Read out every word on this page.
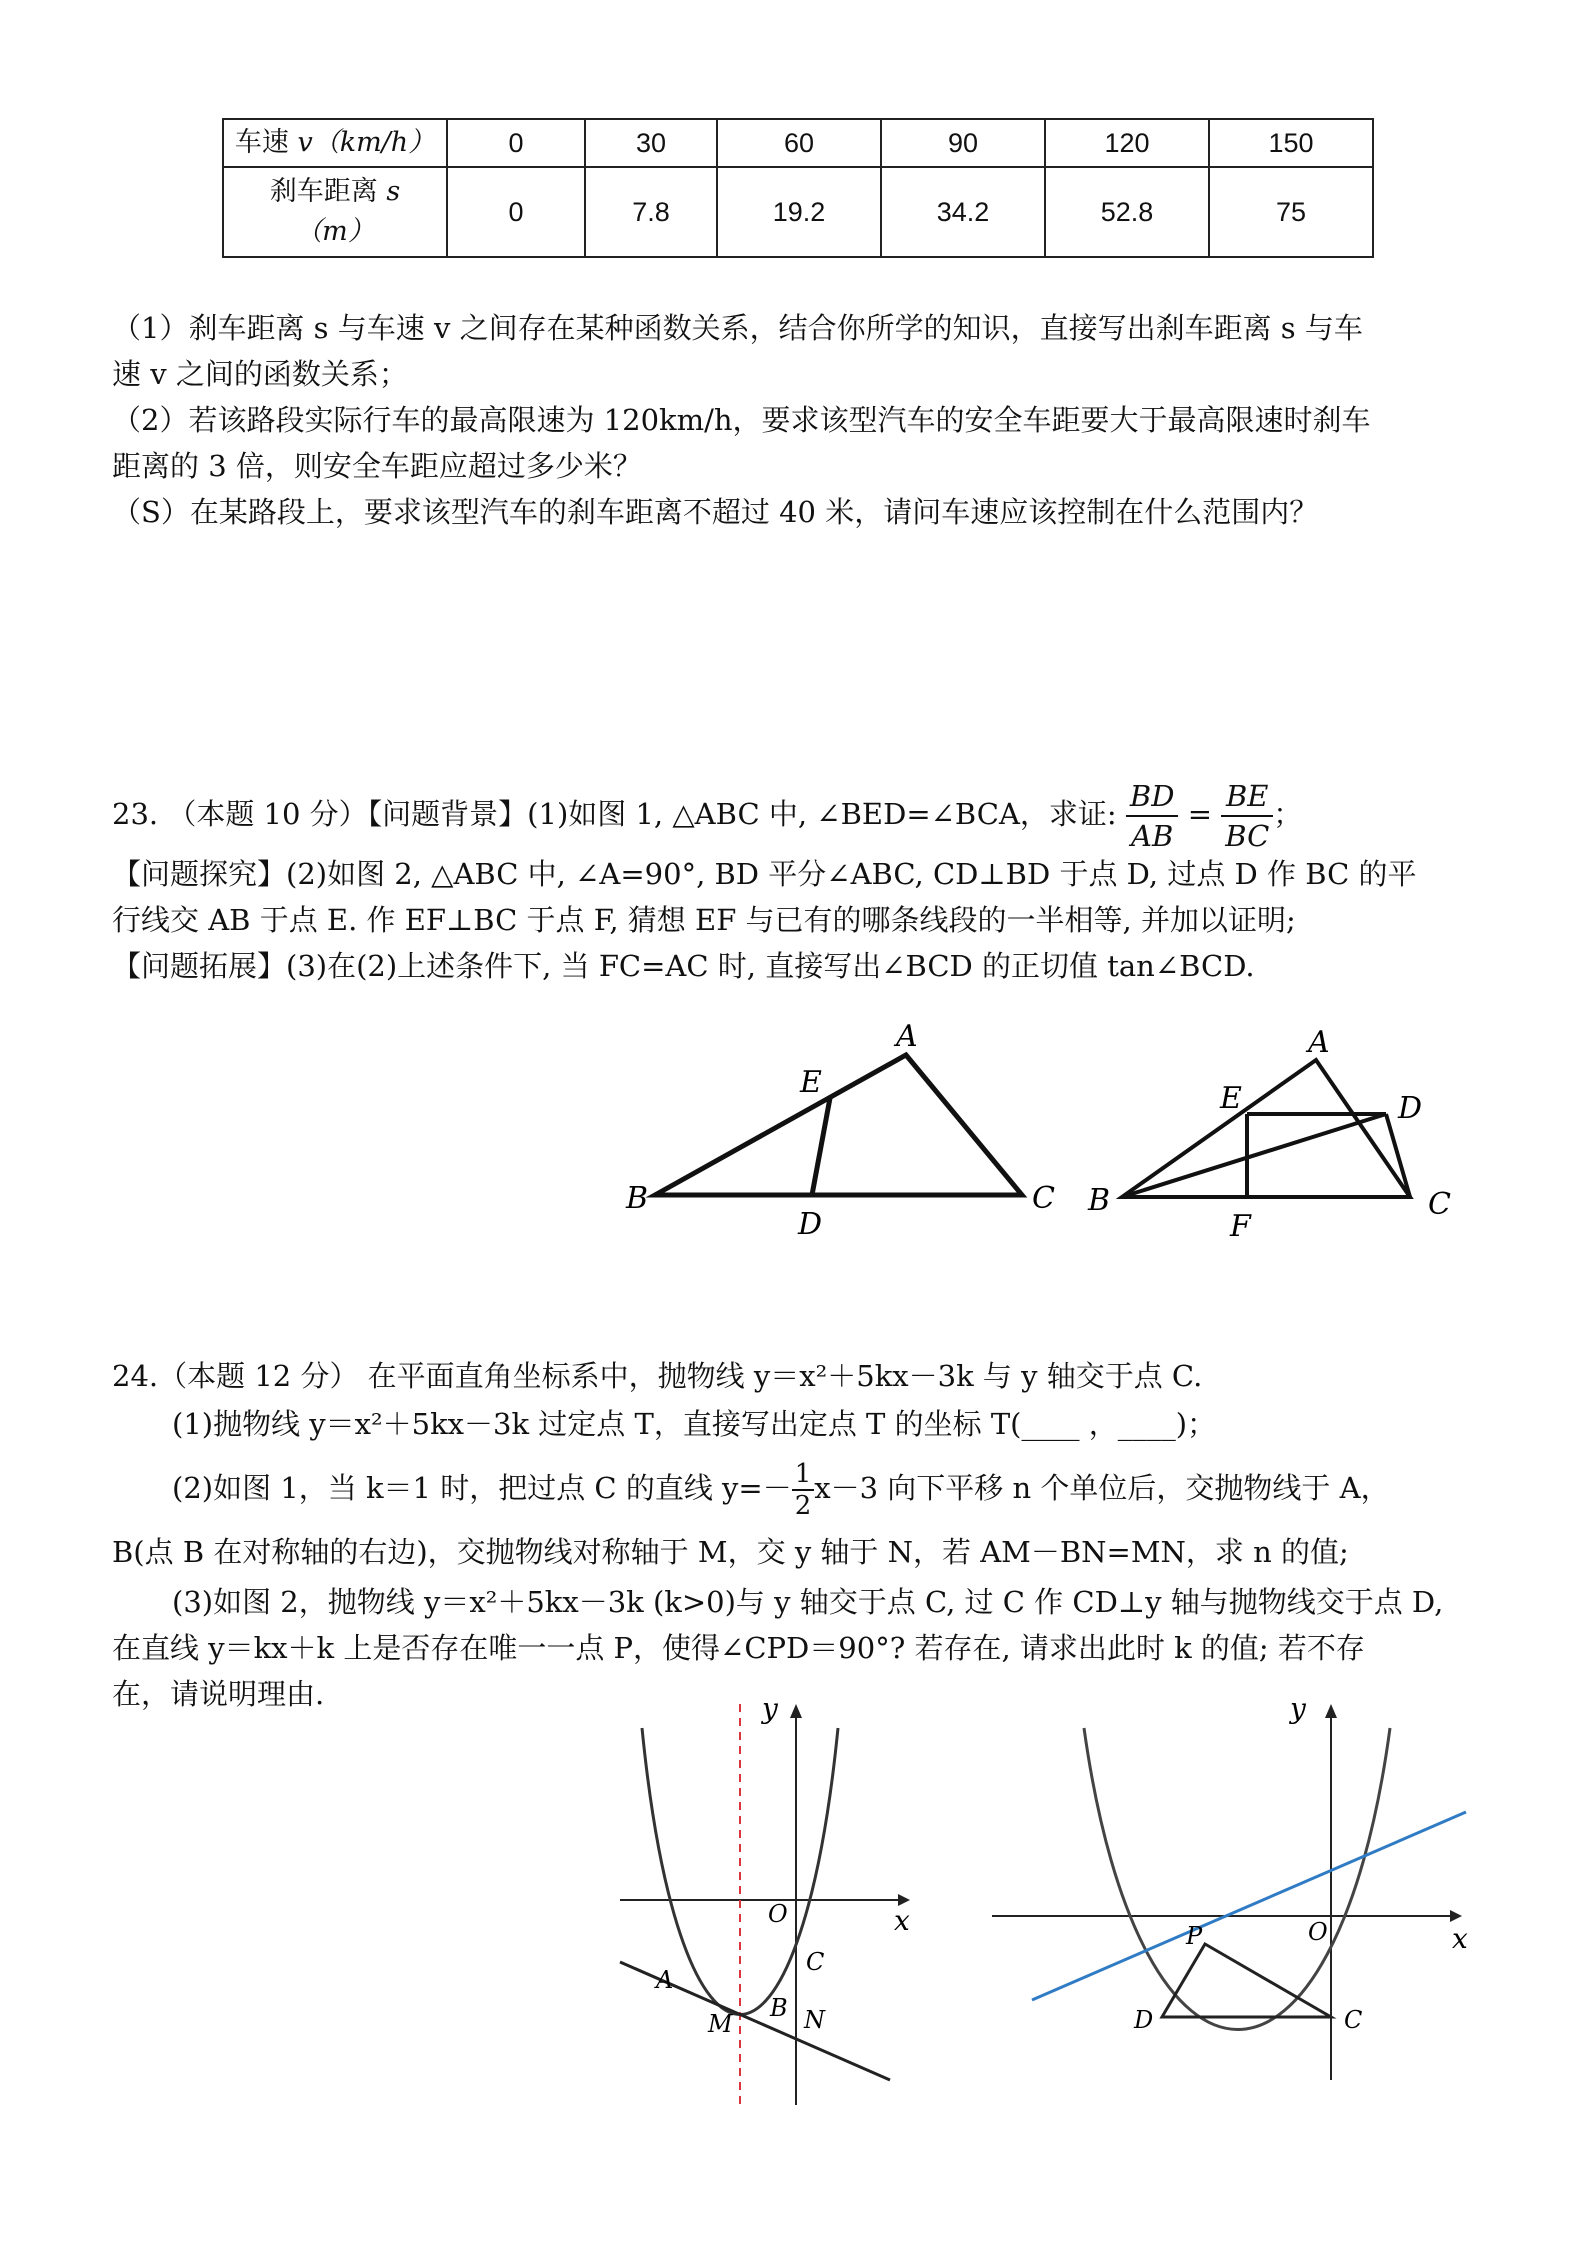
车速 v（km/h）	0	30	60	90	120	150

刹车距离 s
（m）	0	7.8	19.2	34.2	52.8	75
（1）刹车距离 s 与车速 v 之间存在某种函数关系，结合你所学的知识，直接写出刹车距离 s 与车
速 v 之间的函数关系；
（2）若该路段实际行车的最高限速为 120km/h，要求该型汽车的安全车距要大于最高限速时刹车
距离的 3 倍，则安全车距应超过多少米？
（S）在某路段上，要求该型汽车的刹车距离不超过 40 米，请问车速应该控制在什么范围内？
23. （本题 10 分）【问题背景】(1)如图 1, △ABC 中, ∠BED=∠BCA，求证: $\frac{BD}{AB} = \frac{BE}{BC}$ ；
【问题探究】(2)如图 2, △ABC 中, ∠A=90°, BD 平分∠ABC, CD⊥BD 于点 D, 过点 D 作 BC 的平
行线交 AB 于点 E. 作 EF⊥BC 于点 F, 猜想 EF 与已有的哪条线段的一半相等, 并加以证明;
【问题拓展】(3)在(2)上述条件下, 当 FC=AC 时, 直接写出∠BCD 的正切值 tan∠BCD.
A
E
B	C
D
A
E	D
B	C
F
24.（本题 12 分） 在平面直角坐标系中，抛物线 y＝x²＋5kx－3k 与 y 轴交于点 C.
(1)抛物线 y＝x²＋5kx－3k 过定点 T，直接写出定点 T 的坐标 T(____ ，____)；
(2)如图 1，当 k＝1 时，把过点 C 的直线 $y=- \frac{1}{2} x-3$ 向下平移 n 个单位后，交抛物线于 A，
B(点 B 在对称轴的右边)，交抛物线对称轴于 M，交 y 轴于 N，若 AM－BN=MN，求 n 的值;
(3)如图 2，抛物线 y＝x²＋5kx－3k (k>0)与 y 轴交于点 C, 过 C 作 CD⊥y 轴与抛物线交于点 D,
在直线 y＝kx＋k 上是否存在唯一一点 P，使得∠CPD＝90°? 若存在, 请求出此时 k 的值; 若不存
在，请说明理由.	y
x
O
C
A
B
M	N
y
x
O
P
D	C
